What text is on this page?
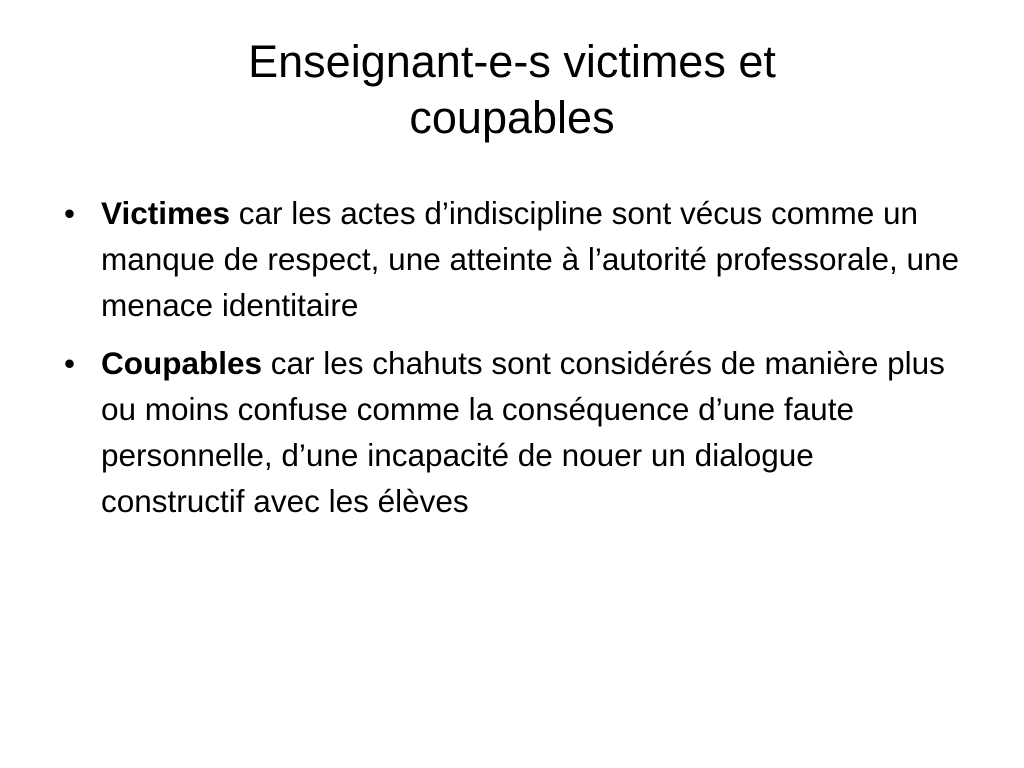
Enseignant-e-s victimes et
coupables
• Victimes car les actes d’indiscipline sont vécus comme un manque de respect, une atteinte à l’autorité professorale, une menace identitaire
• Coupables car les chahuts sont considérés de manière plus ou moins confuse comme la conséquence d’une faute personnelle, d’une incapacité de nouer un dialogue constructif avec les élèves
